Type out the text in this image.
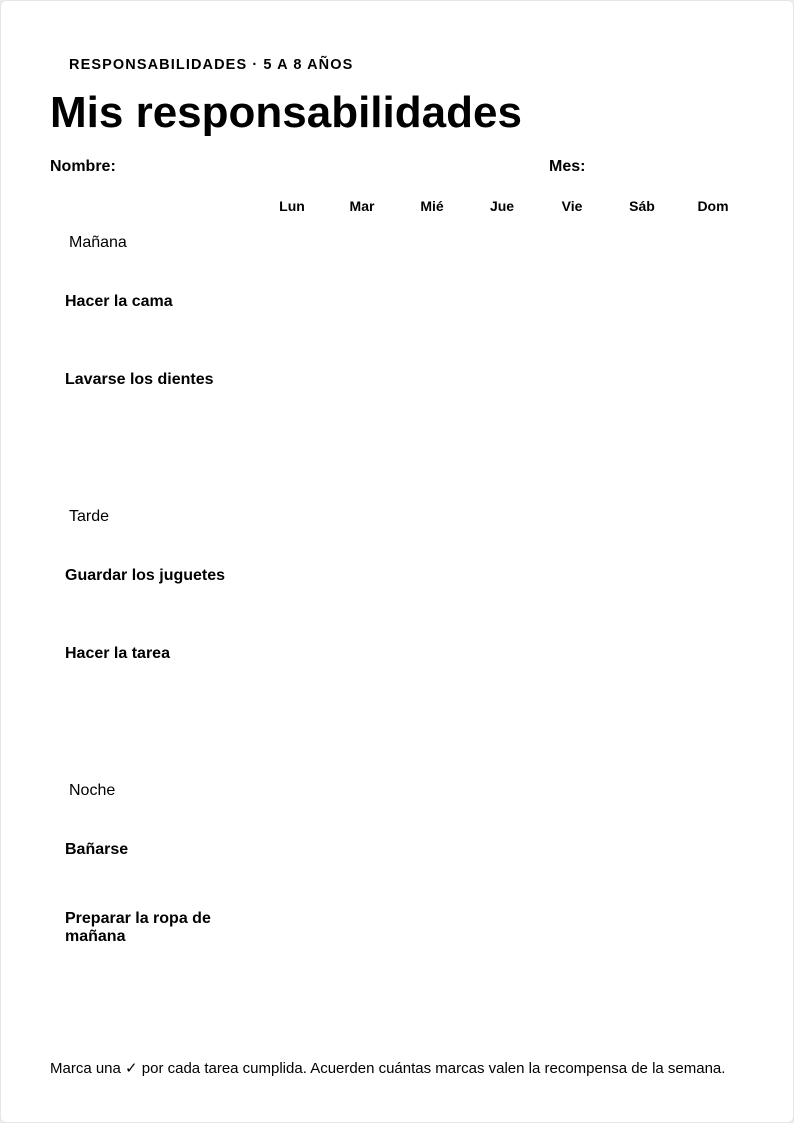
RESPONSABILIDADES · 5 A 8 AÑOS
Mis responsabilidades
Nombre:	Mes:
Lun	Mar	Mié	Jue	Vie	Sáb	Dom
Mañana
Hacer la cama
Lavarse los dientes
Tarde
Guardar los juguetes
Hacer la tarea
Noche
Bañarse
Preparar la ropa de mañana
Marca una ✓ por cada tarea cumplida. Acuerden cuántas marcas valen la recompensa de la semana.
